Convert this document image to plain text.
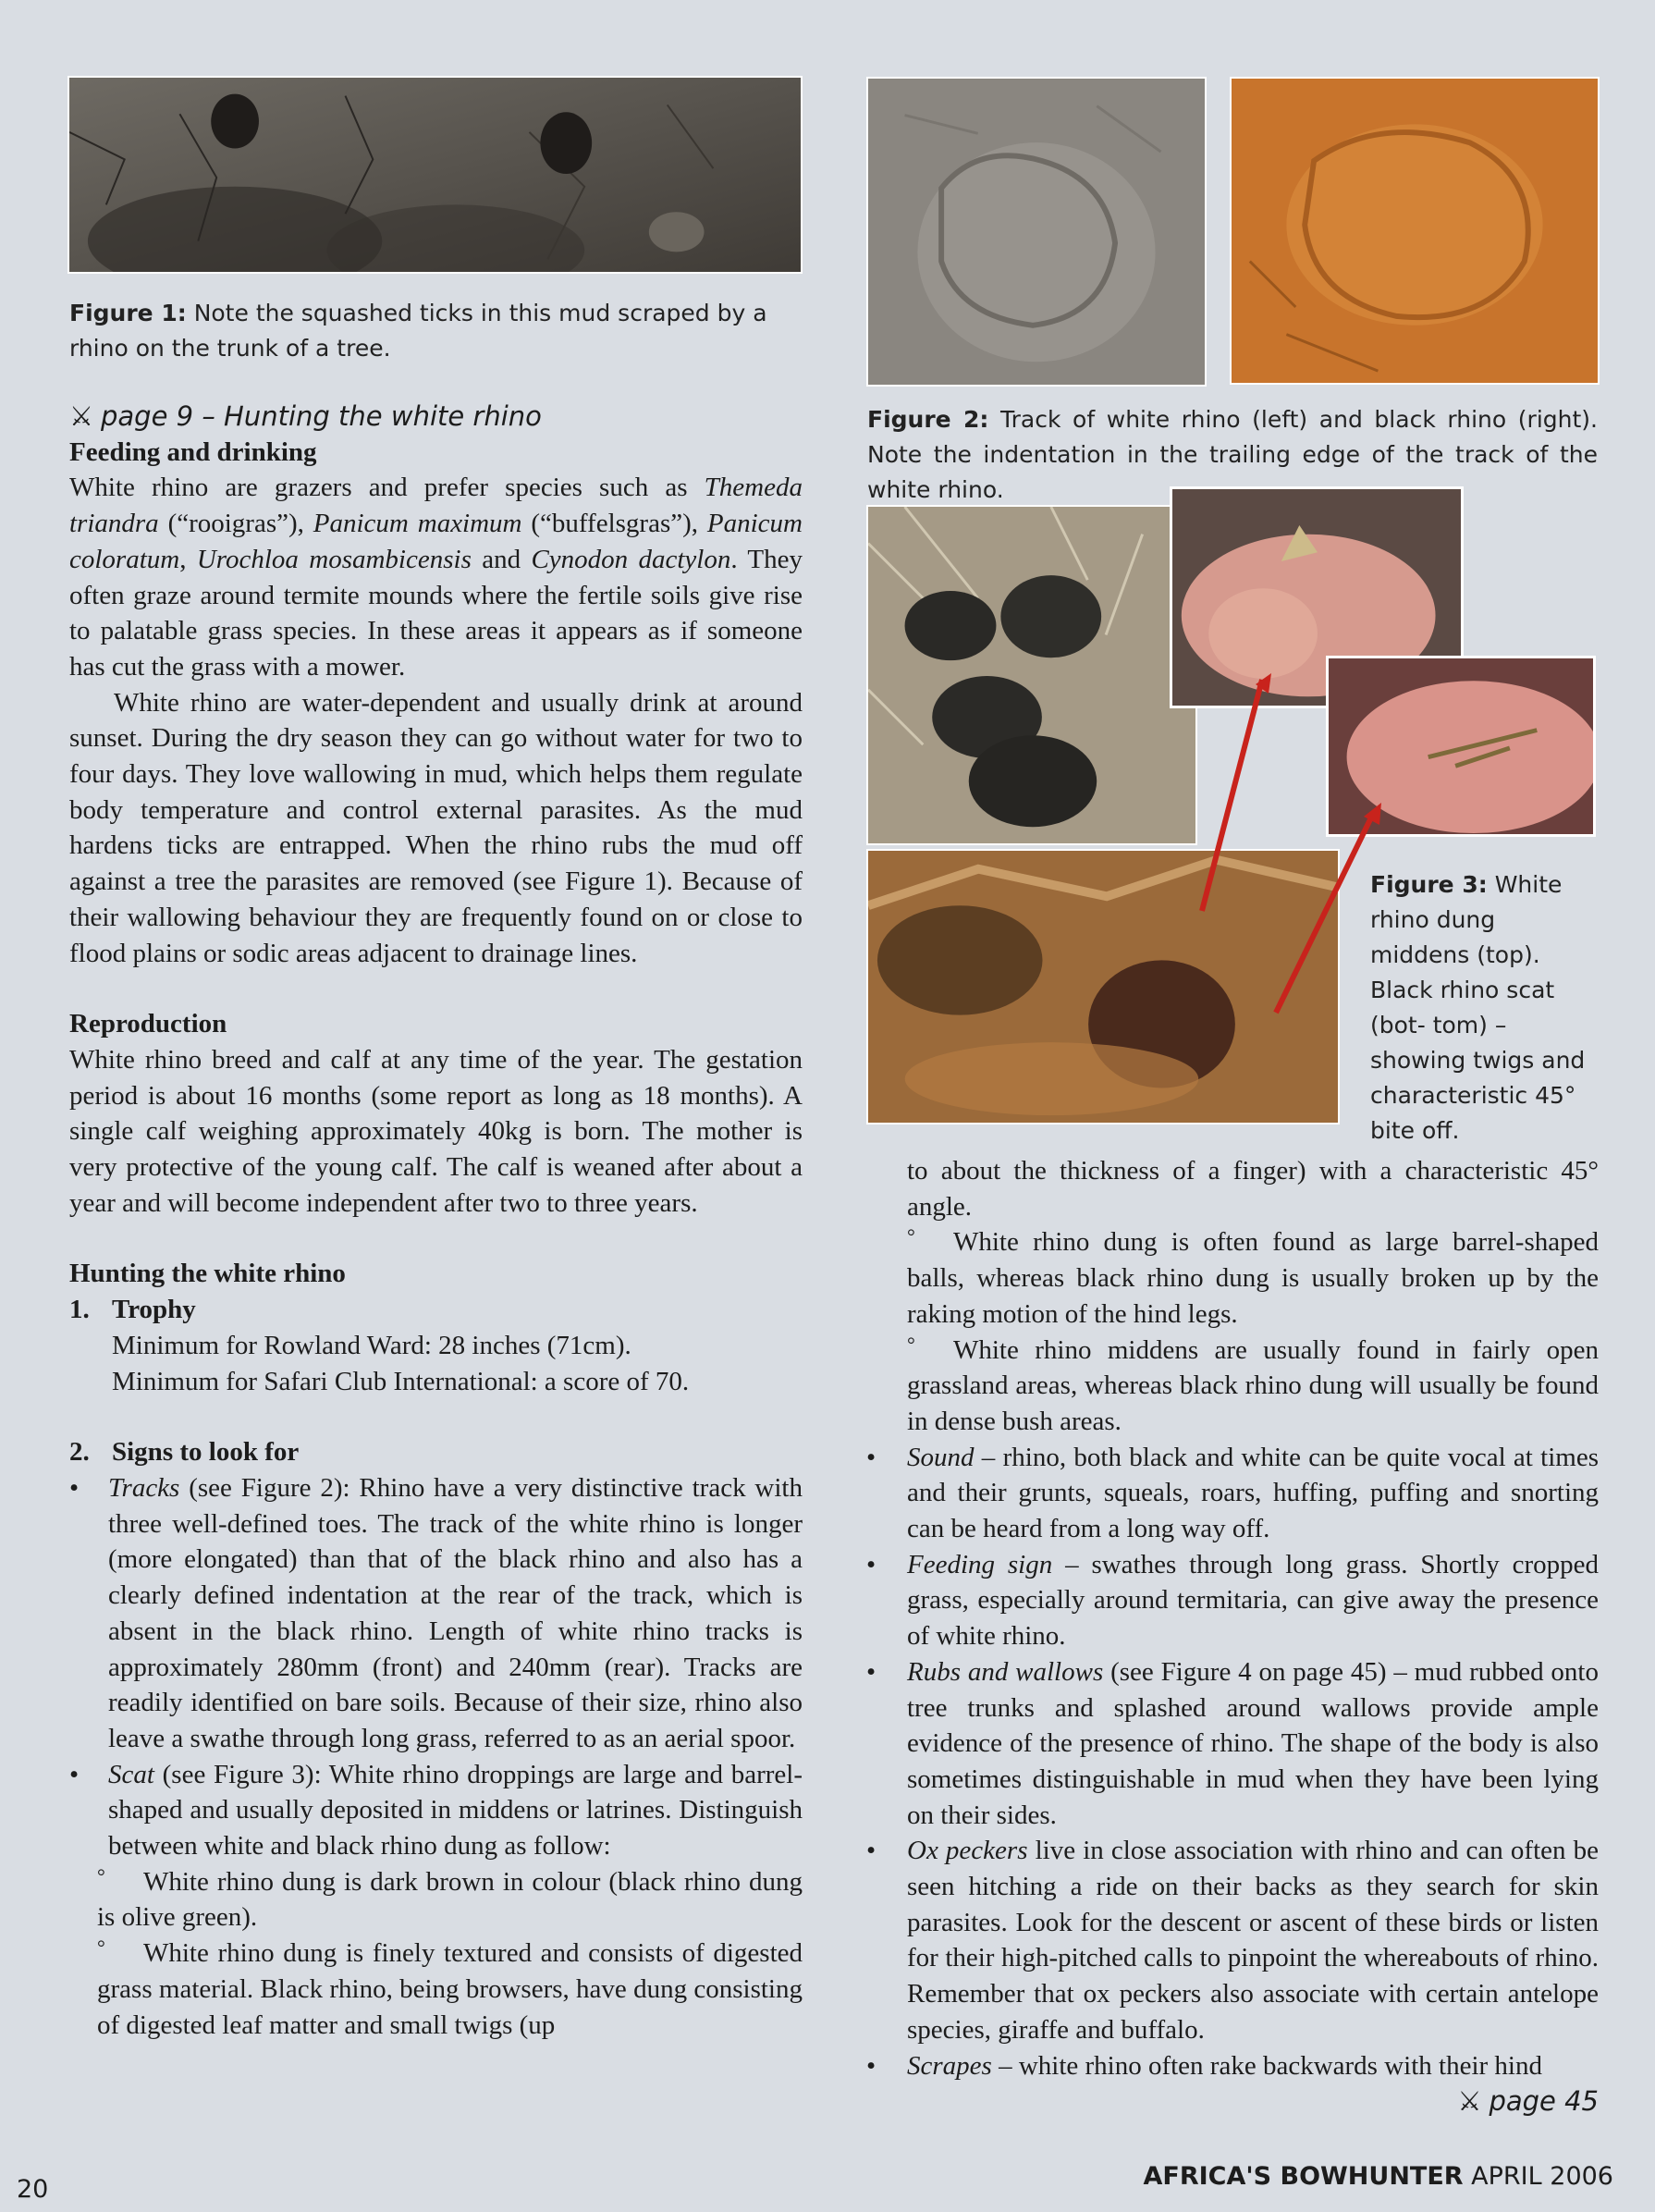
Figure 1: Note the squashed ticks in this mud scraped by a rhino on the trunk of a tree.
Figure 2: Track of white rhino (left) and black rhino (right). Note the indentation in the trailing edge of the track of the white rhino.
Figure 3: White rhino dung middens (top). Black rhino scat (bot- tom) – showing twigs and characteristic 45° bite off.

⚔ page 9 – Hunting the white rhino

Feeding and drinking

White rhino are grazers and prefer species such as Themeda triandra (“rooigras”), Panicum maximum (“buffelsgras”), Panicum coloratum, Urochloa mosambicensis and Cynodon dactylon. They often graze around termite mounds where the fertile soils give rise to palatable grass species. In these areas it appears as if someone has cut the grass with a mower.

White rhino are water-dependent and usually drink at around sunset. During the dry season they can go without water for two to four days. They love wallowing in mud, which helps them regulate body temperature and control external parasites. As the mud hardens ticks are entrapped. When the rhino rubs the mud off against a tree the parasites are removed (see Figure 1). Because of their wallowing behaviour they are frequently found on or close to flood plains or sodic areas adjacent to drainage lines.

Reproduction

White rhino breed and calf at any time of the year. The gestation period is about 16 months (some report as long as 18 months). A single calf weighing approximately 40kg is born. The mother is very protective of the young calf. The calf is weaned after about a year and will become independent after two to three years.

Hunting the white rhino

1. Trophy

Minimum for Rowland Ward: 28 inches (71cm).

Minimum for Safari Club International: a score of 70.

2. Signs to look for

• Tracks (see Figure 2): Rhino have a very distinctive track with three well-defined toes. The track of the white rhino is longer (more elongated) than that of the black rhino and also has a clearly defined indentation at the rear of the track, which is absent in the black rhino. Length of white rhino tracks is approximately 280mm (front) and 240mm (rear). Tracks are readily identified on bare soils. Because of their size, rhino also leave a swathe through long grass, referred to as an aerial spoor.
• Scat (see Figure 3): White rhino droppings are large and barrel-shaped and usually deposited in middens or latrines. Distinguish between white and black rhino dung as follow:

° White rhino dung is dark brown in colour (black rhino dung is olive green).

° White rhino dung is finely textured and consists of digested grass material. Black rhino, being browsers, have dung consisting of digested leaf matter and small twigs (up

to about the thickness of a finger) with a characteristic 45° angle.

° White rhino dung is often found as large barrel-shaped balls, whereas black rhino dung is usually broken up by the raking motion of the hind legs.

° White rhino middens are usually found in fairly open grassland areas, whereas black rhino dung will usually be found in dense bush areas.

• Sound – rhino, both black and white can be quite vocal at times and their grunts, squeals, roars, huffing, puffing and snorting can be heard from a long way off.
• Feeding sign – swathes through long grass. Shortly cropped grass, especially around termitaria, can give away the presence of white rhino.
• Rubs and wallows (see Figure 4 on page 45) – mud rubbed onto tree trunks and splashed around wallows provide ample evidence of the presence of rhino. The shape of the body is also sometimes distinguishable in mud when they have been lying on their sides.
• Ox peckers live in close association with rhino and can often be seen hitching a ride on their backs as they search for skin parasites. Look for the descent or ascent of these birds or listen for their high-pitched calls to pinpoint the whereabouts of rhino. Remember that ox peckers also associate with certain antelope species, giraffe and buffalo.
• Scrapes – white rhino often rake backwards with their hind

⚔ page 45

20	AFRICA'S BOWHUNTER APRIL 2006
